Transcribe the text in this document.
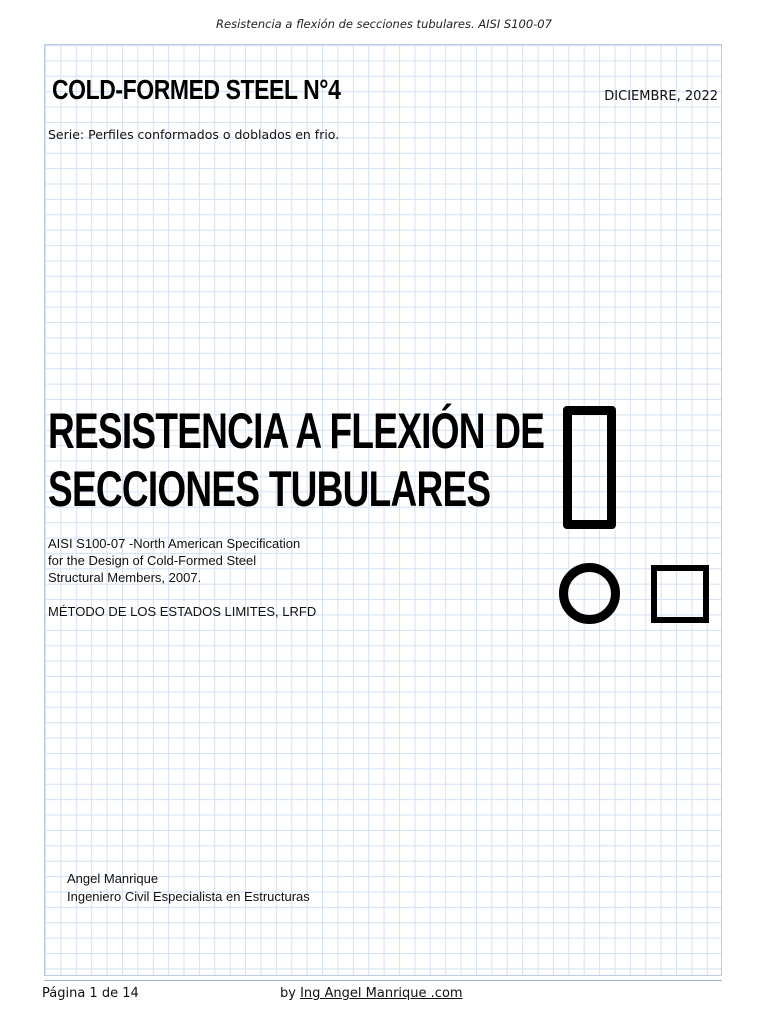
Resistencia a flexión de secciones tubulares. AISI S100-07
COLD-FORMED STEEL N°4	DICIEMBRE, 2022
Serie: Perfiles conformados o doblados en frio.
RESISTENCIA A FLEXIÓN DE
SECCIONES TUBULARES
AISI S100-07 -North American Specification
for the Design of Cold-Formed Steel
Structural Members, 2007.
MÉTODO DE LOS ESTADOS LIMITES, LRFD
Angel Manrique
Ingeniero Civil Especialista en Estructuras
Página 1 de 14	by Ing Angel Manrique .com
